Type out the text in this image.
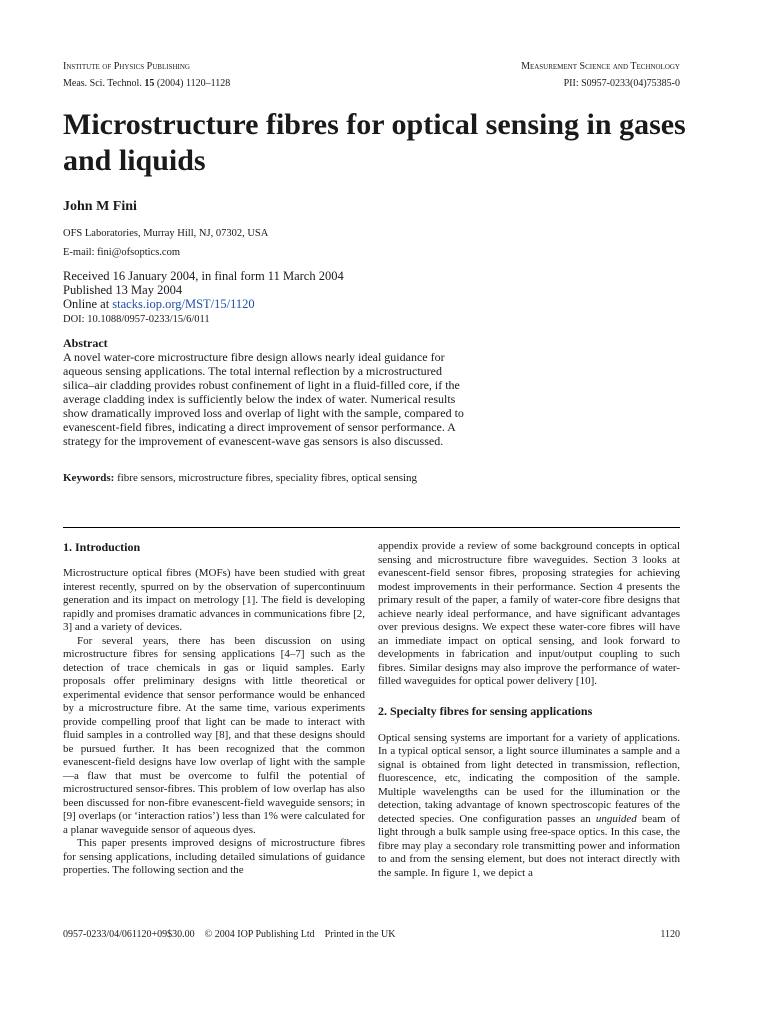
Institute of Physics Publishing	Measurement Science and Technology
Meas. Sci. Technol. 15 (2004) 1120–1128	PII: S0957-0233(04)75385-0
Microstructure fibres for optical sensing in gases and liquids
John M Fini
OFS Laboratories, Murray Hill, NJ, 07302, USA
E-mail: fini@ofsoptics.com
Received 16 January 2004, in final form 11 March 2004
Published 13 May 2004
Online at stacks.iop.org/MST/15/1120
DOI: 10.1088/0957-0233/15/6/011
Abstract

A novel water-core microstructure fibre design allows nearly ideal guidance for aqueous sensing applications. The total internal reflection by a microstructured silica–air cladding provides robust confinement of light in a fluid-filled core, if the average cladding index is sufficiently below the index of water. Numerical results show dramatically improved loss and overlap of light with the sample, compared to evanescent-field fibres, indicating a direct improvement of sensor performance. A strategy for the improvement of evanescent-wave gas sensors is also discussed.

Keywords: fibre sensors, microstructure fibres, speciality fibres, optical sensing
1. Introduction

Microstructure optical fibres (MOFs) have been studied with great interest recently, spurred on by the observation of supercontinuum generation and its impact on metrology [1]. The field is developing rapidly and promises dramatic advances in communications fibre [2, 3] and a variety of devices.

For several years, there has been discussion on using microstructure fibres for sensing applications [4–7] such as the detection of trace chemicals in gas or liquid samples. Early proposals offer preliminary designs with little theoretical or experimental evidence that sensor performance would be enhanced by a microstructure fibre. At the same time, various experiments provide compelling proof that light can be made to interact with fluid samples in a controlled way [8], and that these designs should be pursued further. It has been recognized that the common evanescent-field designs have low overlap of light with the sample—a flaw that must be overcome to fulfil the potential of microstructured sensor-fibres. This problem of low overlap has also been discussed for non-fibre evanescent-field waveguide sensors; in [9] overlaps (or ‘interaction ratios’) less than 1% were calculated for a planar waveguide sensor of aqueous dyes.

This paper presents improved designs of microstructure fibres for sensing applications, including detailed simulations of guidance properties. The following section and the

appendix provide a review of some background concepts in optical sensing and microstructure fibre waveguides. Section 3 looks at evanescent-field sensor fibres, proposing strategies for achieving modest improvements in their performance. Section 4 presents the primary result of the paper, a family of water-core fibre designs that achieve nearly ideal performance, and have significant advantages over previous designs. We expect these water-core fibres will have an immediate impact on optical sensing, and look forward to developments in fabrication and input/output coupling to such fibres. Similar designs may also improve the performance of water-filled waveguides for optical power delivery [10].

2. Specialty fibres for sensing applications

Optical sensing systems are important for a variety of applications. In a typical optical sensor, a light source illuminates a sample and a signal is obtained from light detected in transmission, reflection, fluorescence, etc, indicating the composition of the sample. Multiple wavelengths can be used for the illumination or the detection, taking advantage of known spectroscopic features of the detected species. One configuration passes an unguided beam of light through a bulk sample using free-space optics. In this case, the fibre may play a secondary role transmitting power and information to and from the sensing element, but does not interact directly with the sample. In figure 1, we depict a

0957-0233/04/061120+09$30.00 © 2004 IOP Publishing Ltd Printed in the UK	1120
